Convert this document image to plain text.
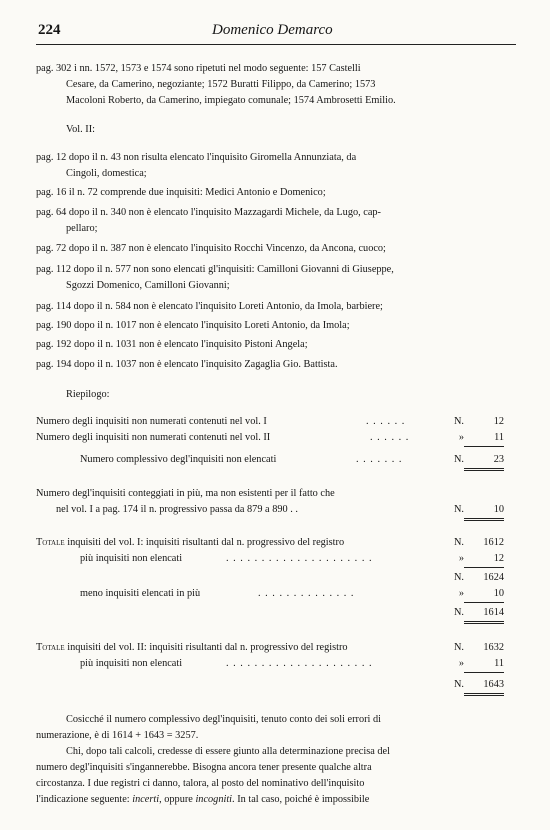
224	Domenico Demarco
pag. 302 i nn. 1572, 1573 e 1574 sono ripetuti nel modo seguente: 157 Castelli
Cesare, da Camerino, negoziante; 1572 Buratti Filippo, da Camerino; 1573
Macoloni Roberto, da Camerino, impiegato comunale; 1574 Ambrosetti Emilio.
Vol. II:
pag. 12 dopo il n. 43 non risulta elencato l'inquisito Giromella Annunziata, da
Cingoli, domestica;
pag. 16 il n. 72 comprende due inquisiti: Medici Antonio e Domenico;
pag. 64 dopo il n. 340 non è elencato l'inquisito Mazzagardi Michele, da Lugo, cap-
pellaro;
pag. 72 dopo il n. 387 non è elencato l'inquisito Rocchi Vincenzo, da Ancona, cuoco;
pag. 112 dopo il n. 577 non sono elencati gl'inquisiti: Camilloni Giovanni di Giuseppe,
Sgozzi Domenico, Camilloni Giovanni;
pag. 114 dopo il n. 584 non è elencato l'inquisito Loreti Antonio, da Imola, barbiere;
pag. 190 dopo il n. 1017 non è elencato l'inquisito Loreti Antonio, da Imola;
pag. 192 dopo il n. 1031 non è elencato l'inquisito Pistoni Angela;
pag. 194 dopo il n. 1037 non è elencato l'inquisito Zagaglia Gio. Battista.
Riepilogo:
Numero degli inquisiti non numerati contenuti nel vol. I	. . . . . .	N.	12
Numero degli inquisiti non numerati contenuti nel vol. II	. . . . . .	»	11
Numero complessivo degl'inquisiti non elencati	. . . . . . .	N.	23
Numero degl'inquisiti conteggiati in più, ma non esistenti per il fatto che
nel vol. I a pag. 174 il n. progressivo passa da 879 a 890 . .	N.	10
Totale inquisiti del vol. I: inquisiti risultanti dal n. progressivo del registro	N.	1612
più inquisiti non elencati	. . . . . . . . . . . . . . . . . . . . .	»	12
N.	1624
meno inquisiti elencati in più	. . . . . . . . . . . . . .	»	10
N.	1614
Totale inquisiti del vol. II: inquisiti risultanti dal n. progressivo del registro	N.	1632
più inquisiti non elencati	. . . . . . . . . . . . . . . . . . . . .	»	11
N.	1643
Cosicché il numero complessivo degl'inquisiti, tenuto conto dei soli errori di
numerazione, è di 1614 + 1643 = 3257.
Chi, dopo tali calcoli, credesse di essere giunto alla determinazione precisa del
numero degl'inquisiti s'ingannerebbe. Bisogna ancora tener presente qualche altra
circostanza. I due registri ci danno, talora, al posto del nominativo dell'inquisito
l'indicazione seguente: incerti, oppure incogniti. In tal caso, poiché è impossibile
